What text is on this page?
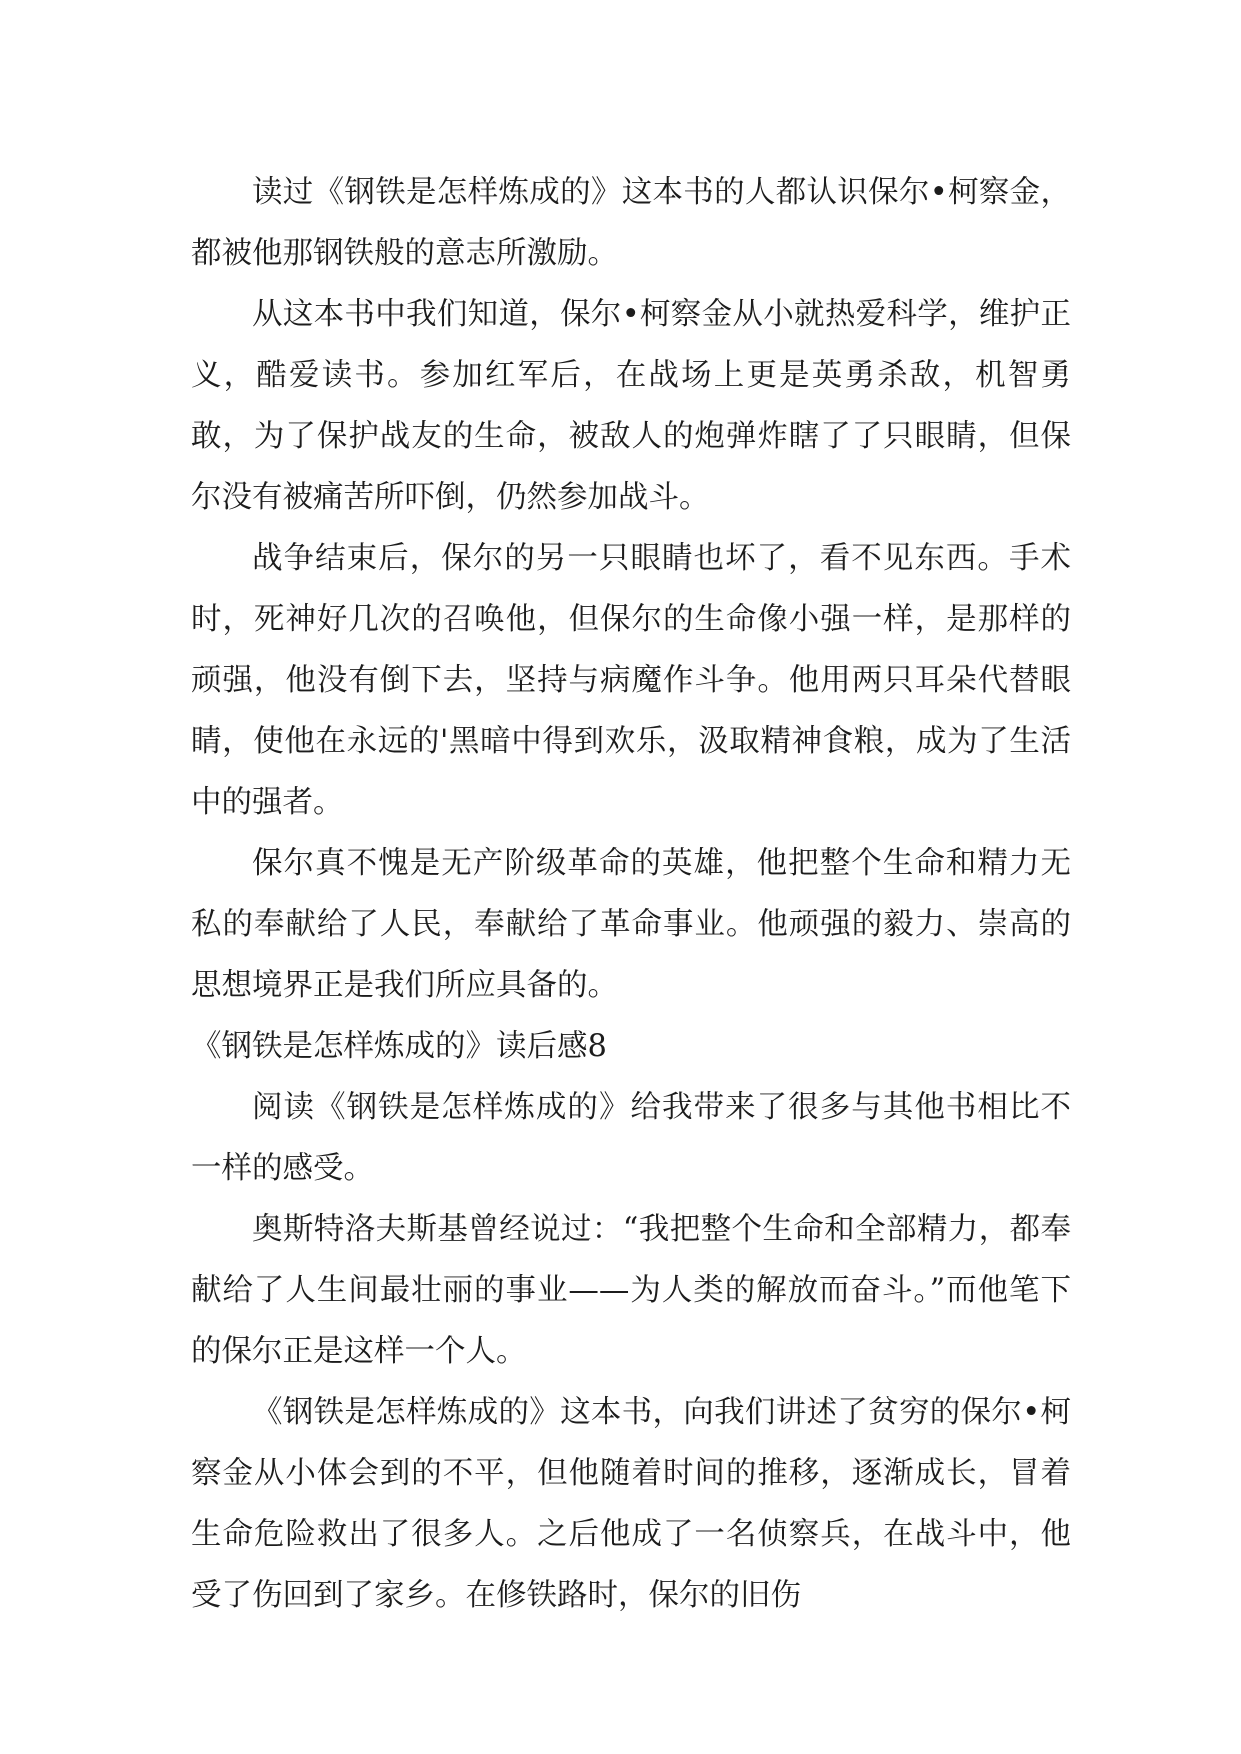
读过《钢铁是怎样炼成的》这本书的人都认识保尔•柯察金，都被他那钢铁般的意志所激励。

从这本书中我们知道，保尔•柯察金从小就热爱科学，维护正义，酷爱读书。参加红军后，在战场上更是英勇杀敌，机智勇敢，为了保护战友的生命，被敌人的炮弹炸瞎了了只眼睛，但保尔没有被痛苦所吓倒，仍然参加战斗。

战争结束后，保尔的另一只眼睛也坏了，看不见东西。手术时，死神好几次的召唤他，但保尔的生命像小强一样，是那样的顽强，他没有倒下去，坚持与病魔作斗争。他用两只耳朵代替眼睛，使他在永远的'黑暗中得到欢乐，汲取精神食粮，成为了生活中的强者。

保尔真不愧是无产阶级革命的英雄，他把整个生命和精力无私的奉献给了人民，奉献给了革命事业。他顽强的毅力、崇高的思想境界正是我们所应具备的。

《钢铁是怎样炼成的》读后感8

阅读《钢铁是怎样炼成的》给我带来了很多与其他书相比不一样的感受。

奥斯特洛夫斯基曾经说过：“我把整个生命和全部精力，都奉献给了人生间最壮丽的事业——为人类的解放而奋斗。”而他笔下的保尔正是这样一个人。

《钢铁是怎样炼成的》这本书，向我们讲述了贫穷的保尔•柯察金从小体会到的不平，但他随着时间的推移，逐渐成长，冒着生命危险救出了很多人。之后他成了一名侦察兵，在战斗中，他受了伤回到了家乡。在修铁路时，保尔的旧伤
